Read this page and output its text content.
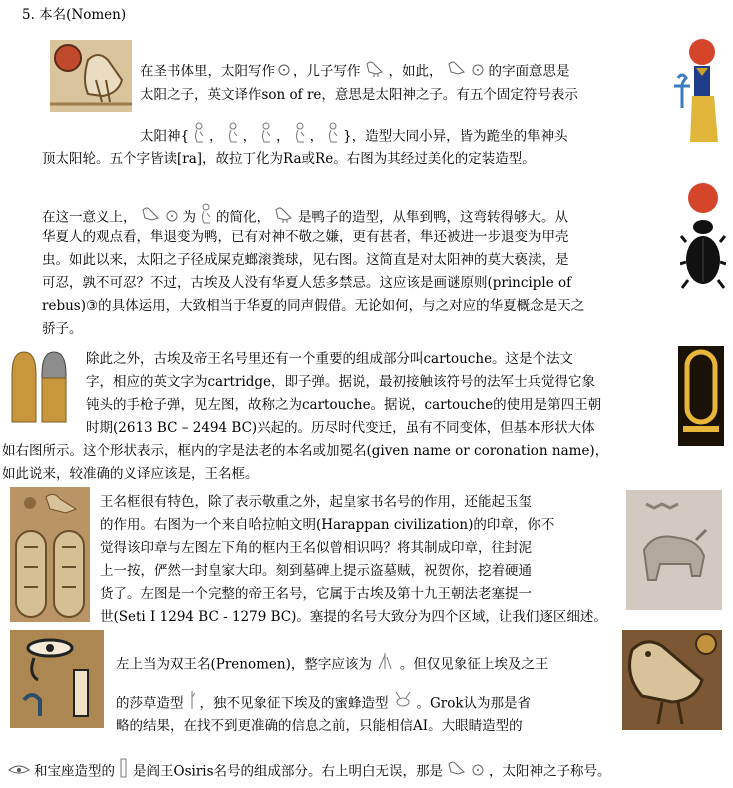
5. 本名(Nomen)
在圣书体里，太阳写作 ，儿子写作 ，如此，	的字面意思是
太阳之子，英文译作son of re，意思是太阳神之子。有五个固定符号表示
太阳神{ ， ， ， ， }，造型大同小异，皆为跪坐的隼神头
顶太阳轮。五个字皆读[ra]，故拉丁化为Ra或Re。右图为其经过美化的定装造型。
在这一意义上，	为 的简化， 是鸭子的造型，从隼到鸭，这弯转得够大。从
华夏人的观点看，隼退变为鸭，已有对神不敬之嫌，更有甚者，隼还被进一步退变为甲壳
虫。如此以来，太阳之子径成屎克螂滚粪球，见右图。这简直是对太阳神的莫大亵渎，是
可忍，孰不可忍？不过，古埃及人没有华夏人恁多禁忌。这应该是画谜原则(principle of
rebus)③的具体运用，大致相当于华夏的同声假借。无论如何，与之对应的华夏概念是天之
骄子。
除此之外，古埃及帝王名号里还有一个重要的组成部分叫cartouche。这是个法文
字，相应的英文字为cartridge，即子弹。据说，最初接触该符号的法军士兵觉得它象
钝头的手枪子弹，见左图，故称之为cartouche。据说，cartouche的使用是第四王朝
时期(2613 BC – 2494 BC)兴起的。历尽时代变迁，虽有不同变体，但基本形状大体
如右图所示。这个形状表示，框内的字是法老的本名或加冕名(given name or coronation name)，
如此说来，较准确的义译应该是，王名框。
王名框很有特色，除了表示敬重之外，起皇家书名号的作用，还能起玉玺
的作用。右图为一个来自哈拉帕文明(Harappan civilization)的印章，你不
觉得该印章与左图左下角的框内王名似曾相识吗？将其制成印章，往封泥
上一按，俨然一封皇家大印。刻到墓碑上提示盗墓贼，祝贺你，挖着硬通
货了。左图是一个完整的帝王名号，它属于古埃及第十九王朝法老塞提一
世(Seti I 1294 BC - 1279 BC)。塞提的名号大致分为四个区域，让我们逐区细述。
左上当为双王名(Prenomen)，整字应该为 。但仅见象征上埃及之王
的莎草造型 ，独不见象征下埃及的蜜蜂造型 。Grok认为那是省
略的结果，在找不到更准确的信息之前，只能相信AI。大眼睛造型的
和宝座造型的 是阎王Osiris名号的组成部分。右上明白无误，那是	，太阳神之子称号。
